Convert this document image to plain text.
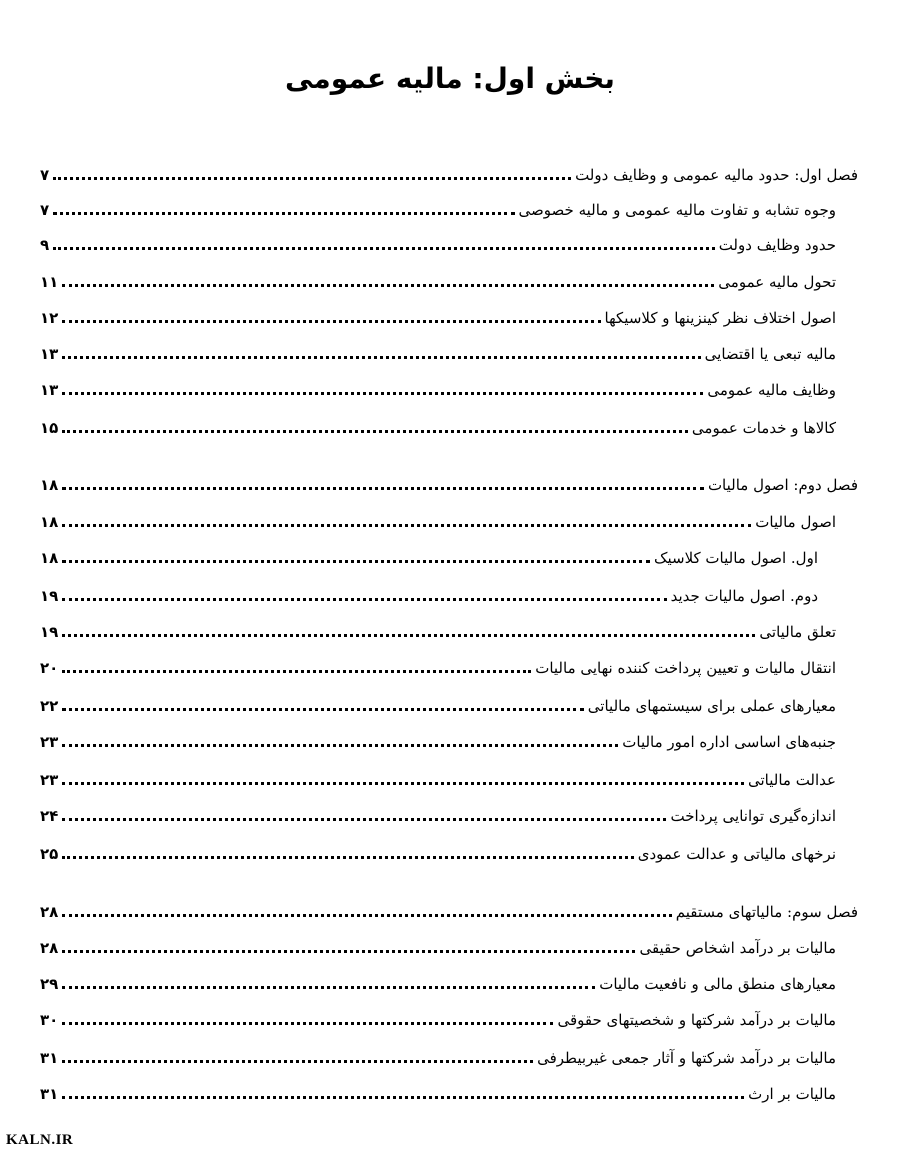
بخش اول: مالیه عمومی
۷	فصل اول: حدود مالیه عمومی و وظایف دولت
۷	وجوه تشابه و تفاوت مالیه عمومی و مالیه خصوصی
۹	حدود وظایف دولت
۱۱	تحول مالیه عمومی
۱۲	اصول اختلاف نظر کینزینها و کلاسیکها
۱۳	مالیه تبعی یا اقتضایی
۱۳	وظایف مالیه عمومی
۱۵	کالاها و خدمات عمومی
۱۸	فصل دوم: اصول مالیات
۱۸	اصول مالیات
۱۸	اول. اصول مالیات کلاسیک
۱۹	دوم. اصول مالیات جدید
۱۹	تعلق مالیاتی
۲۰	انتقال مالیات و تعیین پرداخت کننده نهایی مالیات
۲۲	معیارهای عملی برای سیستمهای مالیاتی
۲۳	جنبه‌های اساسی اداره امور مالیات
۲۳	عدالت مالیاتی
۲۴	اندازه‌گیری توانایی پرداخت
۲۵	نرخهای مالیاتی و عدالت عمودی
۲۸	فصل سوم: مالیاتهای مستقیم
۲۸	مالیات بر درآمد اشخاص حقیقی
۲۹	معیارهای منطق مالی و نافعیت مالیات
۳۰	مالیات بر درآمد شرکتها و شخصیتهای حقوقی
۳۱	مالیات بر درآمد شرکتها و آثار جمعی غیربیطرفی
۳۱	مالیات بر ارث
KALN.IR
